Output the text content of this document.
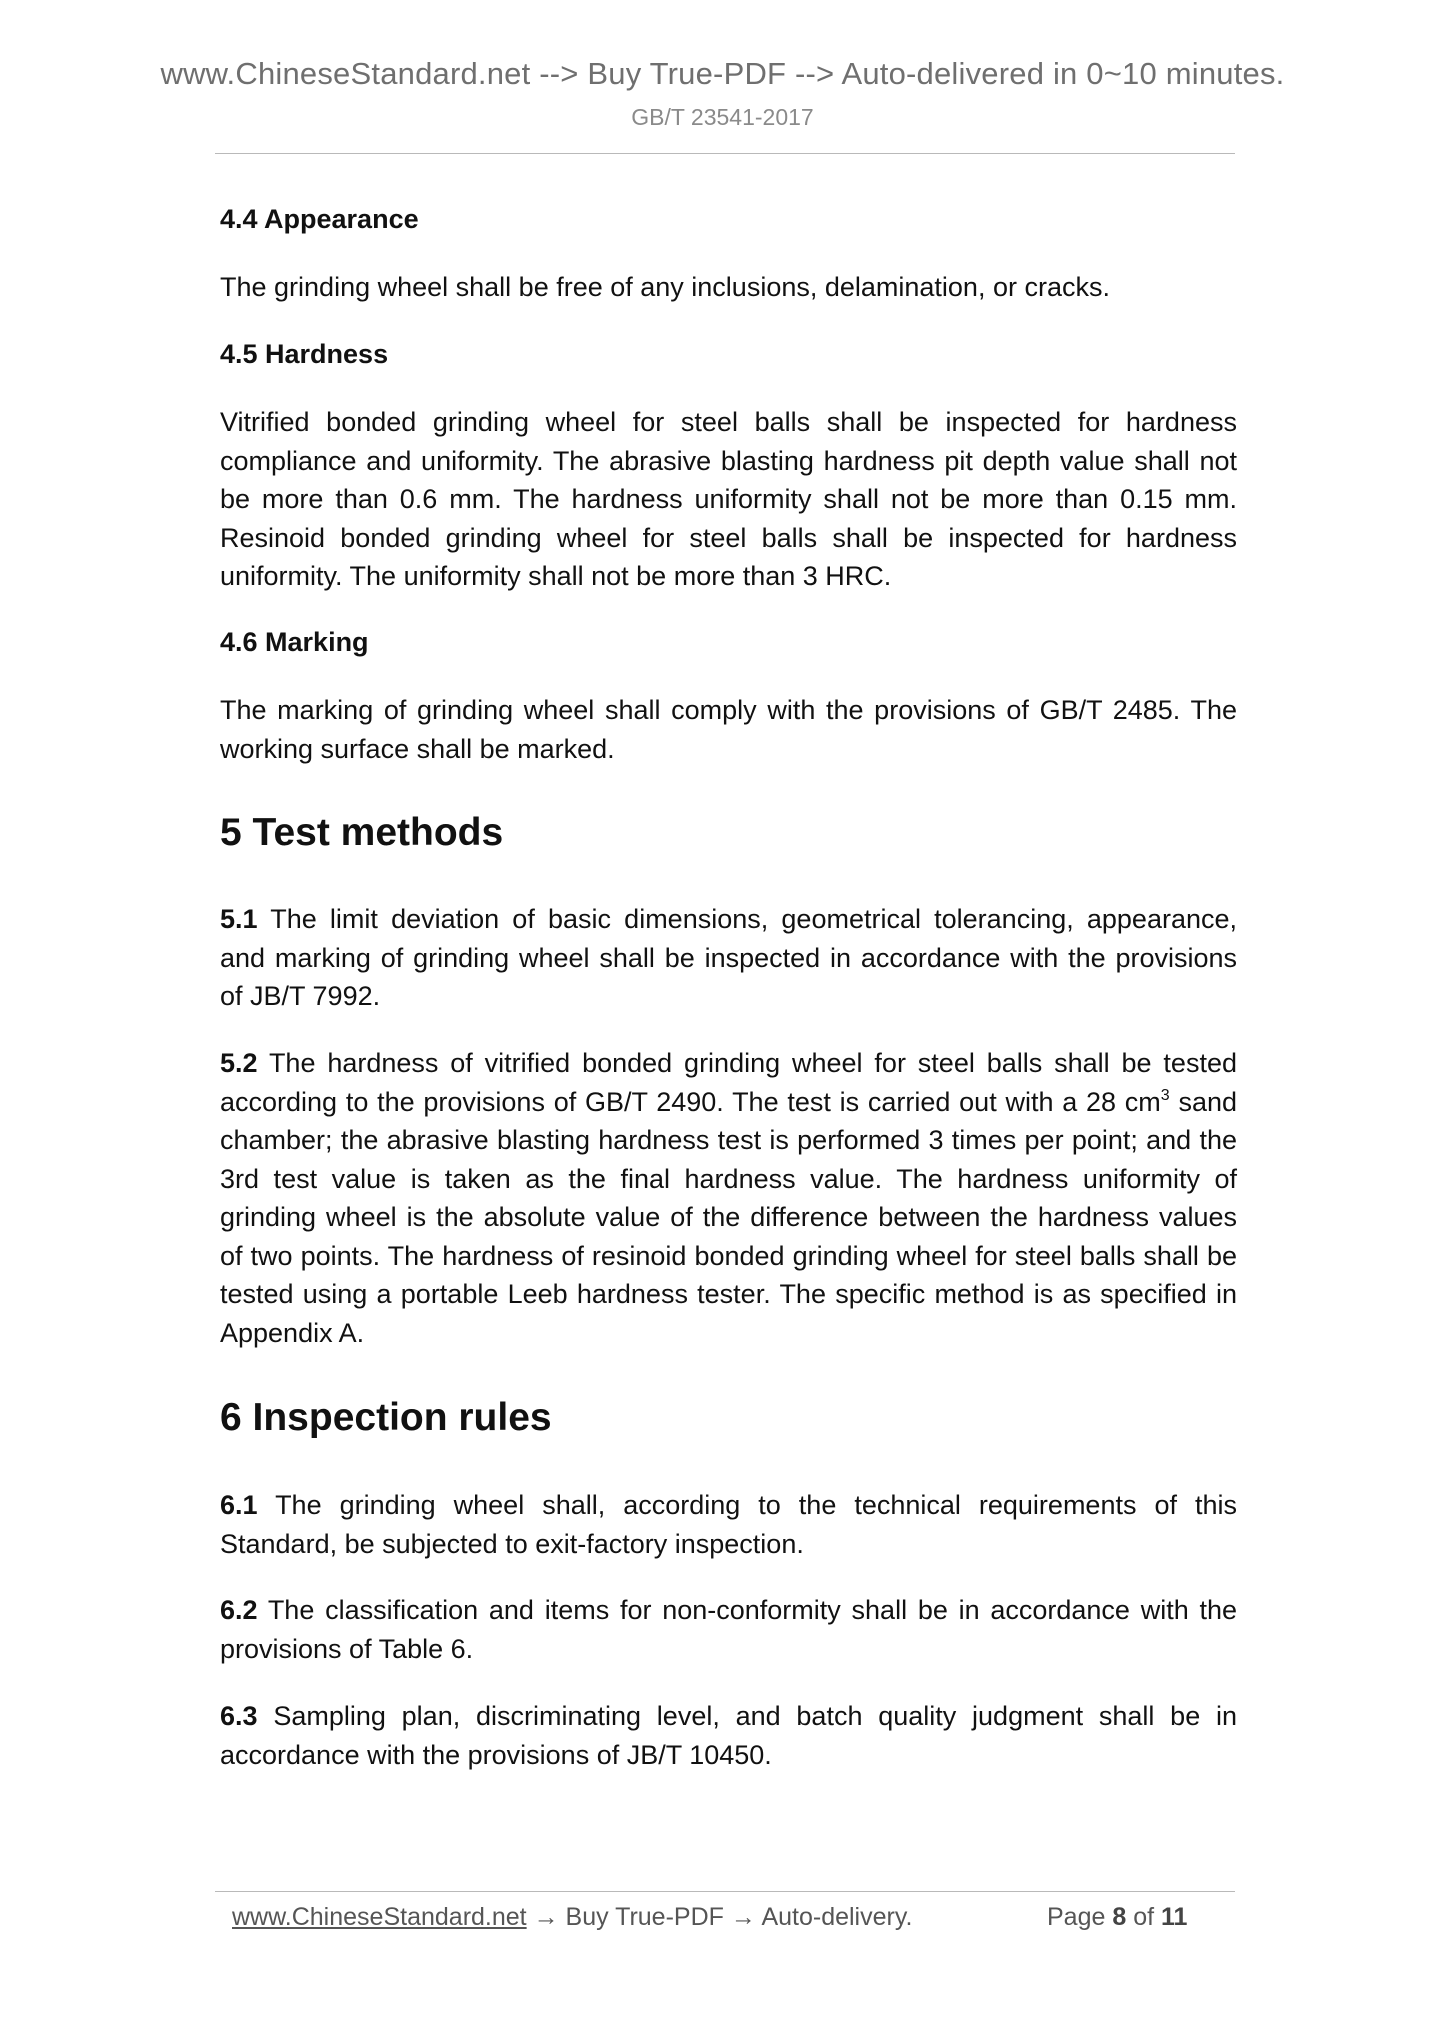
www.ChineseStandard.net --> Buy True-PDF --> Auto-delivered in 0~10 minutes.
GB/T 23541-2017
4.4 Appearance
The grinding wheel shall be free of any inclusions, delamination, or cracks.
4.5 Hardness
Vitrified bonded grinding wheel for steel balls shall be inspected for hardness compliance and uniformity. The abrasive blasting hardness pit depth value shall not be more than 0.6 mm. The hardness uniformity shall not be more than 0.15 mm. Resinoid bonded grinding wheel for steel balls shall be inspected for hardness uniformity. The uniformity shall not be more than 3 HRC.
4.6 Marking
The marking of grinding wheel shall comply with the provisions of GB/T 2485. The working surface shall be marked.
5 Test methods
5.1 The limit deviation of basic dimensions, geometrical tolerancing, appearance, and marking of grinding wheel shall be inspected in accordance with the provisions of JB/T 7992.
5.2 The hardness of vitrified bonded grinding wheel for steel balls shall be tested according to the provisions of GB/T 2490. The test is carried out with a 28 $cm^3$ sand chamber; the abrasive blasting hardness test is performed 3 times per point; and the 3rd test value is taken as the final hardness value. The hardness uniformity of grinding wheel is the absolute value of the difference between the hardness values of two points. The hardness of resinoid bonded grinding wheel for steel balls shall be tested using a portable Leeb hardness tester. The specific method is as specified in Appendix A.
6 Inspection rules
6.1 The grinding wheel shall, according to the technical requirements of this Standard, be subjected to exit-factory inspection.
6.2 The classification and items for non-conformity shall be in accordance with the provisions of Table 6.
6.3 Sampling plan, discriminating level, and batch quality judgment shall be in accordance with the provisions of JB/T 10450.
www.ChineseStandard.net → Buy True-PDF → Auto-delivery.	Page 8 of 11
